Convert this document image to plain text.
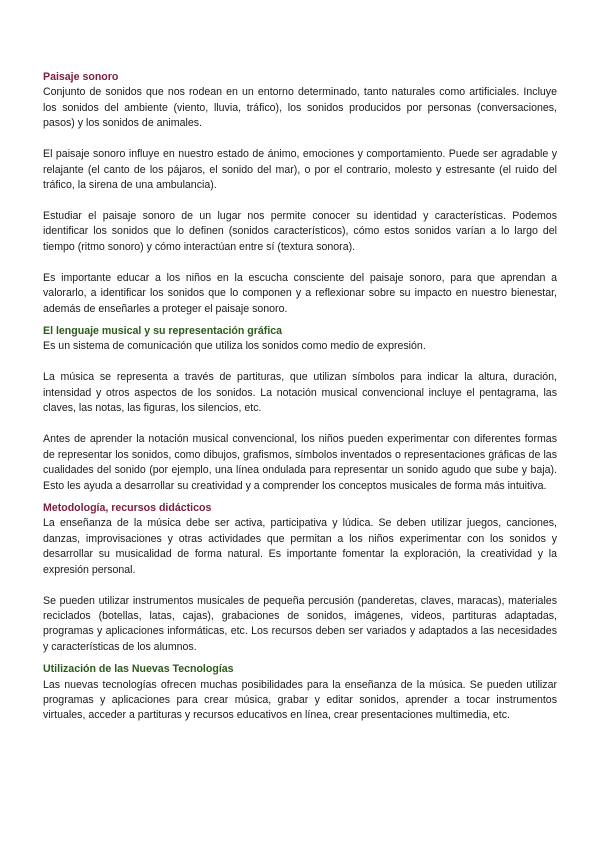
Paisaje sonoro

Conjunto de sonidos que nos rodean en un entorno determinado, tanto naturales como artificiales. Incluye los sonidos del ambiente (viento, lluvia, tráfico), los sonidos producidos por personas (conversaciones, pasos) y los sonidos de animales.

El paisaje sonoro influye en nuestro estado de ánimo, emociones y comportamiento. Puede ser agradable y relajante (el canto de los pájaros, el sonido del mar), o por el contrario, molesto y estresante (el ruido del tráfico, la sirena de una ambulancia).

Estudiar el paisaje sonoro de un lugar nos permite conocer su identidad y características. Podemos identificar los sonidos que lo definen (sonidos característicos), cómo estos sonidos varían a lo largo del tiempo (ritmo sonoro) y cómo interactúan entre sí (textura sonora).

Es importante educar a los niños en la escucha consciente del paisaje sonoro, para que aprendan a valorarlo, a identificar los sonidos que lo componen y a reflexionar sobre su impacto en nuestro bienestar, además de enseñarles a proteger el paisaje sonoro.

El lenguaje musical y su representación gráfica

Es un sistema de comunicación que utiliza los sonidos como medio de expresión.

La música se representa a través de partituras, que utilizan símbolos para indicar la altura, duración, intensidad y otros aspectos de los sonidos. La notación musical convencional incluye el pentagrama, las claves, las notas, las figuras, los silencios, etc.

Antes de aprender la notación musical convencional, los niños pueden experimentar con diferentes formas de representar los sonidos, como dibujos, grafismos, símbolos inventados o representaciones gráficas de las cualidades del sonido (por ejemplo, una línea ondulada para representar un sonido agudo que sube y baja). Esto les ayuda a desarrollar su creatividad y a comprender los conceptos musicales de forma más intuitiva.

Metodología, recursos didácticos

La enseñanza de la música debe ser activa, participativa y lúdica. Se deben utilizar juegos, canciones, danzas, improvisaciones y otras actividades que permitan a los niños experimentar con los sonidos y desarrollar su musicalidad de forma natural. Es importante fomentar la exploración, la creatividad y la expresión personal.

Se pueden utilizar instrumentos musicales de pequeña percusión (panderetas, claves, maracas), materiales reciclados (botellas, latas, cajas), grabaciones de sonidos, imágenes, videos, partituras adaptadas, programas y aplicaciones informáticas, etc. Los recursos deben ser variados y adaptados a las necesidades y características de los alumnos.

Utilización de las Nuevas Tecnologías

Las nuevas tecnologías ofrecen muchas posibilidades para la enseñanza de la música. Se pueden utilizar programas y aplicaciones para crear música, grabar y editar sonidos, aprender a tocar instrumentos virtuales, acceder a partituras y recursos educativos en línea, crear presentaciones multimedia, etc.
